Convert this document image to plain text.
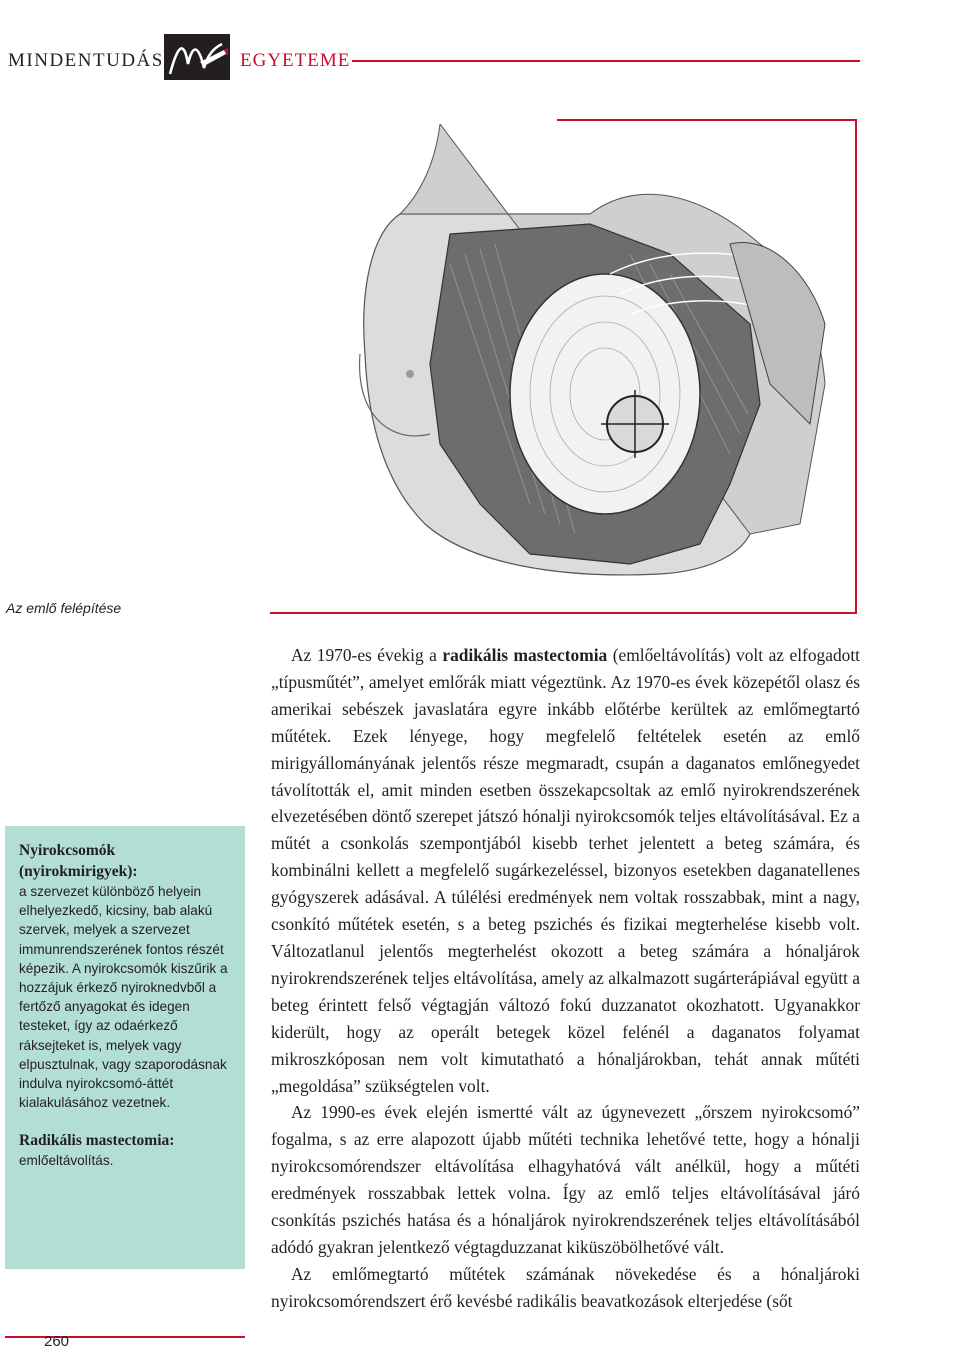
MINDENTUDÁS	EGYETEME
Az emlő felépítése

Nyirokcsomók (nyirokmirigyek):

a szervezet különböző helyein elhelyezkedő, kicsiny, bab alakú szervek, melyek a szervezet immunrendszerének fontos részét képezik. A nyirokcsomók kiszűrik a hozzájuk érkező nyiroknedvből a fertőző anyagokat és idegen testeket, így az odaérkező ráksejteket is, melyek vagy elpusztulnak, vagy szaporodásnak indulva nyirokcsomó-áttét kialakulásához vezetnek.

Radikális mastectomia:

emlőeltávolítás.

260

Az 1970-es évekig a radikális mastectomia (emlőeltávolítás) volt az elfogadott „típusműtét”, amelyet emlőrák miatt végeztünk. Az 1970-es évek közepétől olasz és amerikai sebészek javaslatára egyre inkább előtérbe kerültek az emlőmegtartó műtétek. Ezek lényege, hogy megfelelő feltételek esetén az emlő mirigyállományának jelentős része megmaradt, csupán a daganatos emlőnegyedet távolították el, amit minden esetben összekapcsoltak az emlő nyirokrendszerének elvezetésében döntő szerepet játszó hónalji nyirokcsomók teljes eltávolításával. Ez a műtét a csonkolás szempontjából kisebb terhet jelentett a beteg számára, és kombinálni kellett a megfelelő sugárkezeléssel, bizonyos esetekben daganatellenes gyógyszerek adásával. A túlélési eredmények nem voltak rosszabbak, mint a nagy, csonkító műtétek esetén, s a beteg pszichés és fizikai megterhelése kisebb volt. Változatlanul jelentős megterhelést okozott a beteg számára a hónaljárok nyirokrendszerének teljes eltávolítása, amely az alkalmazott sugárterápiával együtt a beteg érintett felső végtagján változó fokú duzzanatot okozhatott. Ugyanakkor kiderült, hogy az operált betegek közel felénél a daganatos folyamat mikroszkóposan nem volt kimutatható a hónaljárokban, tehát annak műtéti „megoldása” szükségtelen volt.

Az 1990-es évek elején ismertté vált az úgynevezett „őrszem nyirokcsomó” fogalma, s az erre alapozott újabb műtéti technika lehetővé tette, hogy a hónalji nyirokcsomórendszer eltávolítása elhagyhatóvá vált anélkül, hogy a műtéti eredmények rosszabbak lettek volna. Így az emlő teljes eltávolításával járó csonkítás pszichés hatása és a hónaljárok nyirokrendszerének teljes eltávolításából adódó gyakran jelentkező végtagduzzanat kiküszöbölhetővé vált.

Az emlőmegtartó műtétek számának növekedése és a hónaljároki nyirokcsomórendszert érő kevésbé radikális beavatkozások elterjedése (sőt
